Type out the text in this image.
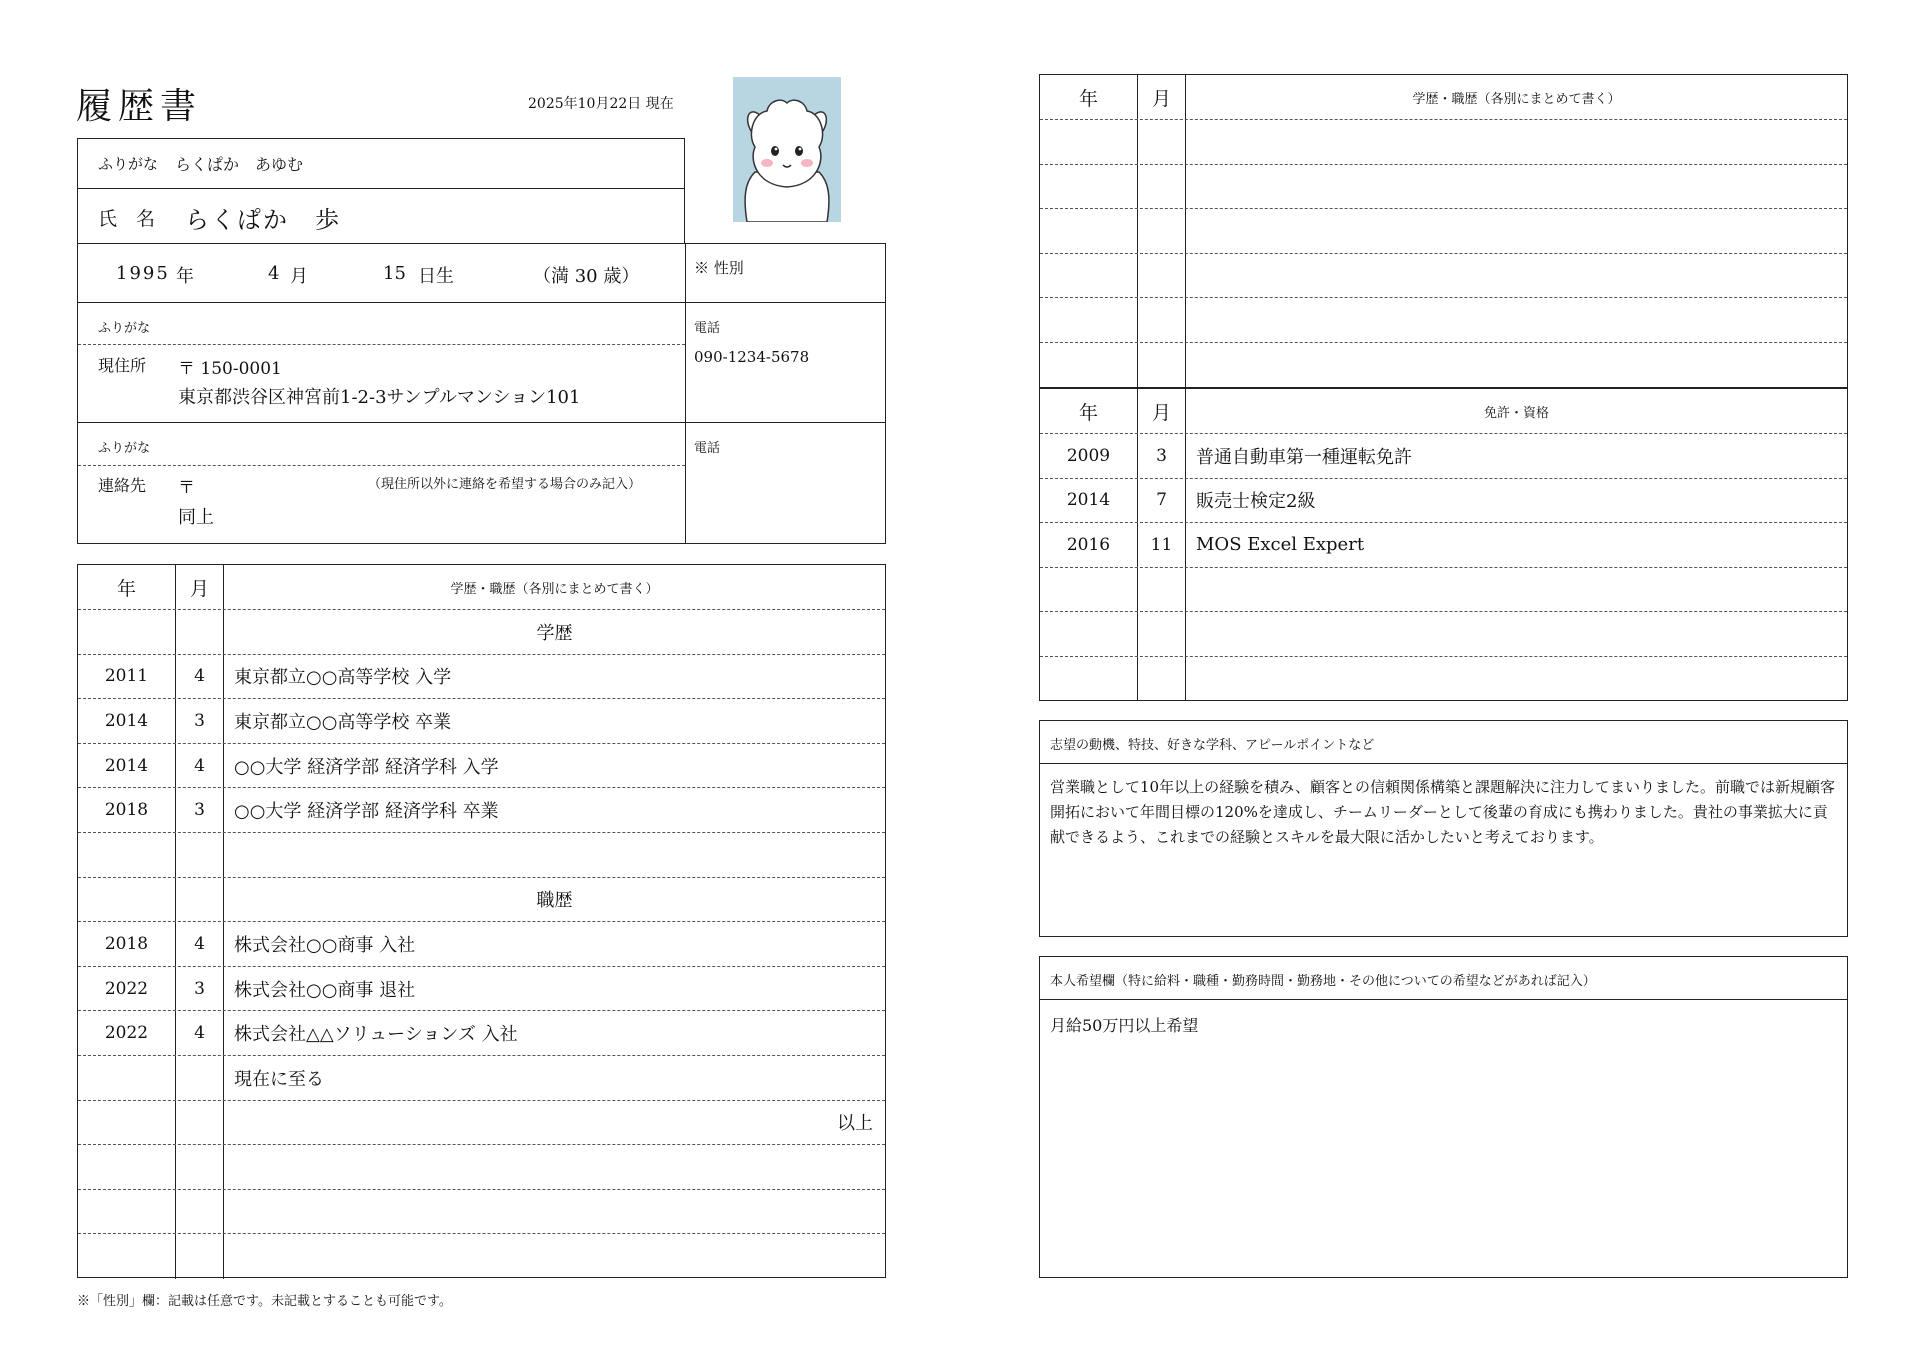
履歴書	2025年10月22日 現在
ふりがな らくぱか　あゆむ
氏　名 らくぱか　歩
1995 年	4 月	15 日生	（満 30 歳）	※ 性別
ふりがな
現住所 〒 150-0001
東京都渋谷区神宮前1-2-3サンプルマンション101
電話
090-1234-5678
ふりがな
連絡先 〒	（現住所以外に連絡を希望する場合のみ記入）
同上
電話
年	月	学歴・職歴（各別にまとめて書く）
学歴
2011	4	東京都立○○高等学校 入学
2014	3	東京都立○○高等学校 卒業
2014	4	○○大学 経済学部 経済学科 入学
2018	3	○○大学 経済学部 経済学科 卒業
職歴
2018	4	株式会社○○商事 入社
2022	3	株式会社○○商事 退社
2022	4	株式会社△△ソリューションズ 入社
現在に至る
以上
※「性別」欄：記載は任意です。未記載とすることも可能です。
年	月	学歴・職歴（各別にまとめて書く）
年	月	免許・資格
2009	3	普通自動車第一種運転免許
2014	7	販売士検定2級
2016	11	MOS Excel Expert
志望の動機、特技、好きな学科、アピールポイントなど
営業職として10年以上の経験を積み、顧客との信頼関係構築と課題解決に注力してまいりました。前職では新規顧客開拓において年間目標の120%を達成し、チームリーダーとして後輩の育成にも携わりました。貴社の事業拡大に貢献できるよう、これまでの経験とスキルを最大限に活かしたいと考えております。
本人希望欄（特に給料・職種・勤務時間・勤務地・その他についての希望などがあれば記入）
月給50万円以上希望
